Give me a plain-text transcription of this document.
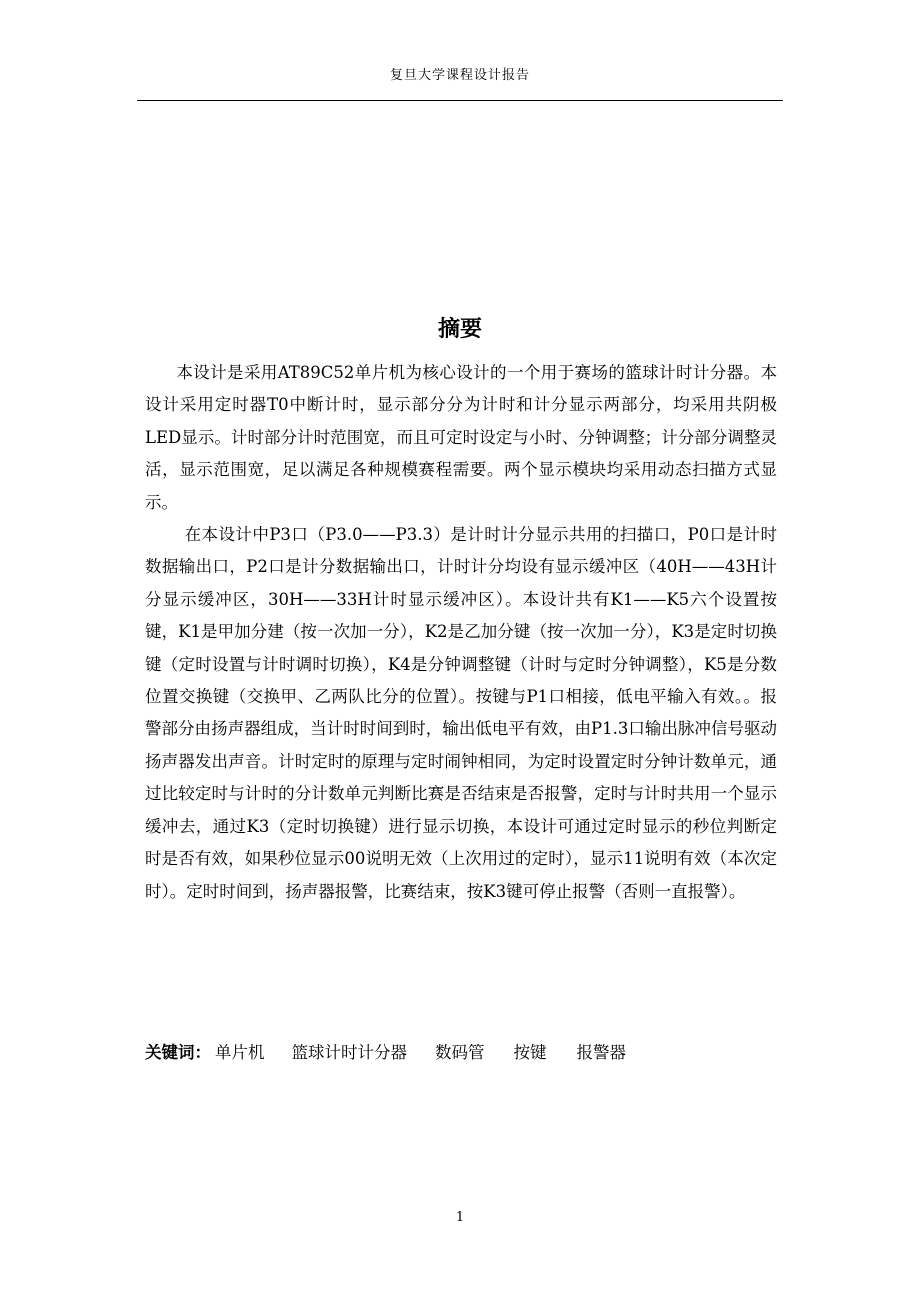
复旦大学课程设计报告
摘要

本设计是采用AT89C52单片机为核心设计的一个用于赛场的篮球计时计分器。本设计采用定时器T0中断计时，显示部分分为计时和计分显示两部分，均采用共阴极LED显示。计时部分计时范围宽，而且可定时设定与小时、分钟调整；计分部分调整灵活，显示范围宽，足以满足各种规模赛程需要。两个显示模块均采用动态扫描方式显示。

在本设计中P3口（P3.0——P3.3）是计时计分显示共用的扫描口，P0口是计时数据输出口，P2口是计分数据输出口，计时计分均设有显示缓冲区（40H——43H计分显示缓冲区，30H——33H计时显示缓冲区）。本设计共有K1——K5六个设置按键，K1是甲加分建（按一次加一分），K2是乙加分键（按一次加一分），K3是定时切换键（定时设置与计时调时切换），K4是分钟调整键（计时与定时分钟调整），K5是分数位置交换键（交换甲、乙两队比分的位置）。按键与P1口相接，低电平输入有效。。报警部分由扬声器组成，当计时时间到时，输出低电平有效，由P1.3口输出脉冲信号驱动扬声器发出声音。计时定时的原理与定时闹钟相同，为定时设置定时分钟计数单元，通过比较定时与计时的分计数单元判断比赛是否结束是否报警，定时与计时共用一个显示缓冲去，通过K3（定时切换键）进行显示切换，本设计可通过定时显示的秒位判断定时是否有效，如果秒位显示00说明无效（上次用过的定时），显示11说明有效（本次定时）。定时时间到，扬声器报警，比赛结束，按K3键可停止报警（否则一直报警）。

关键词： 单片机 篮球计时计分器 数码管 按键 报警器
1
